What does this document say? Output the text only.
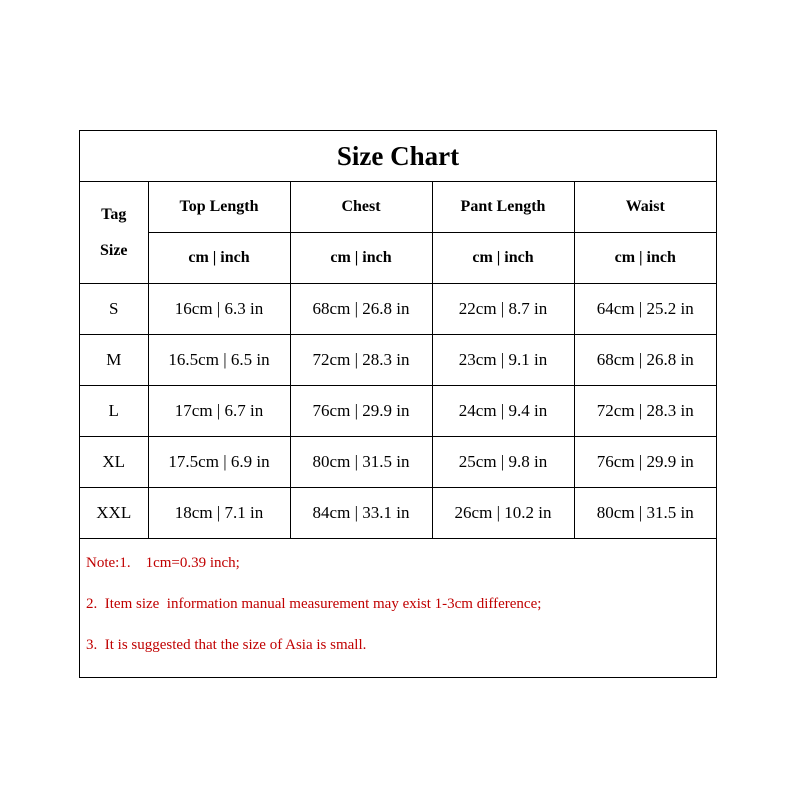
Size Chart
Tag
Size	Top Length	Chest	Pant Length	Waist
	cm | inch	cm | inch	cm | inch	cm | inch
S	16cm | 6.3 in	68cm | 26.8 in	22cm | 8.7 in	64cm | 25.2 in
M	16.5cm | 6.5 in	72cm | 28.3 in	23cm | 9.1 in	68cm | 26.8 in
L	17cm | 6.7 in	76cm | 29.9 in	24cm | 9.4 in	72cm | 28.3 in
XL	17.5cm | 6.9 in	80cm | 31.5 in	25cm | 9.8 in	76cm | 29.9 in
XXL	18cm | 7.1 in	84cm | 33.1 in	26cm | 10.2 in	80cm | 31.5 in
Note:1.    1cm=0.39 inch;
2.  Item size  information manual measurement may exist 1-3cm difference;
3.  It is suggested that the size of Asia is small.
